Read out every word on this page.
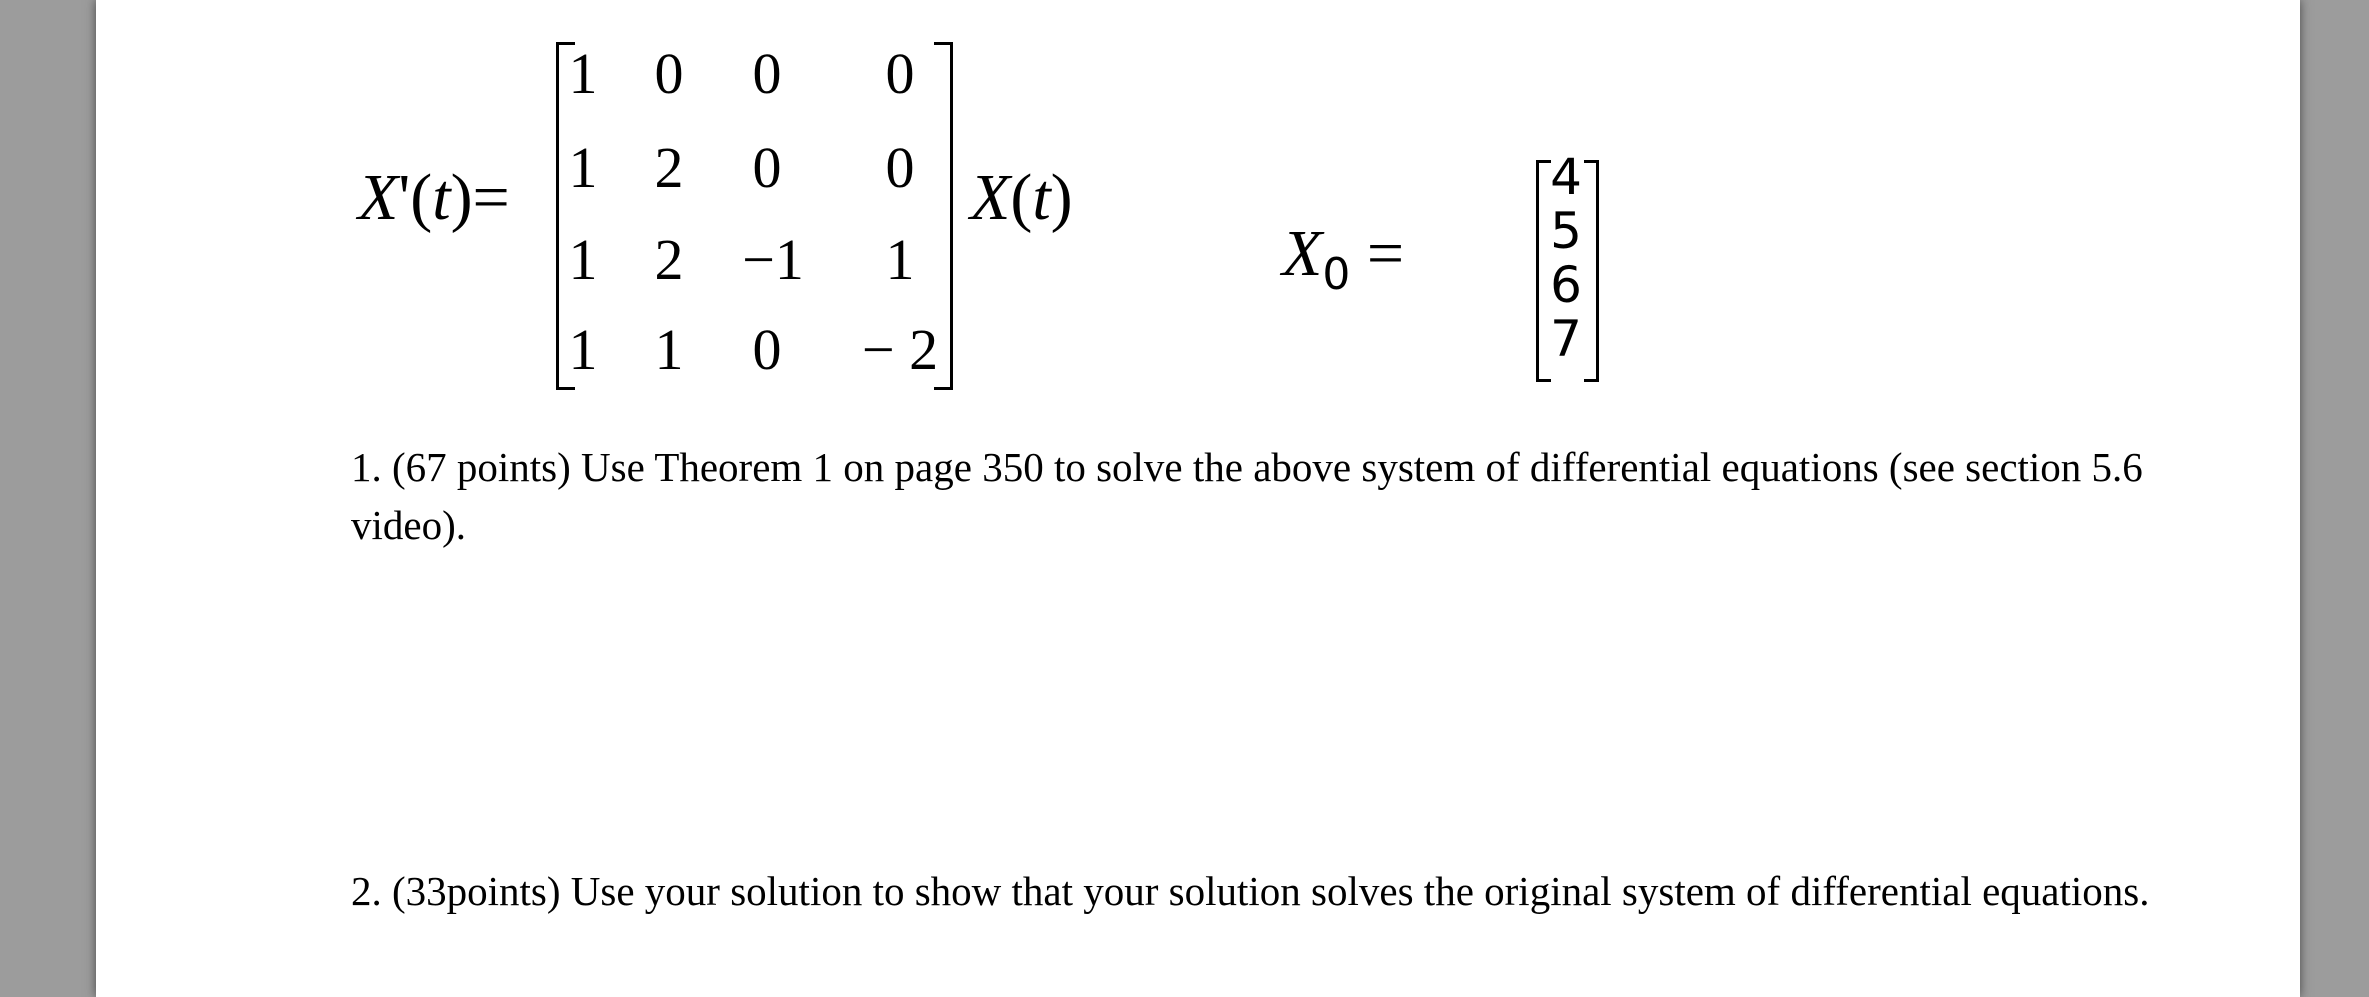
X'(t)=
1 0	0	0
1 2	0	0
1 2	−1	1
1 1	0	− 2
X(t)
$X_0$ =
4
5
6
7
1. (67 points) Use Theorem 1 on page 350 to solve the above system of differential equations (see section 5.6 video).
2. (33points) Use your solution to show that your solution solves the original system of differential equations.
